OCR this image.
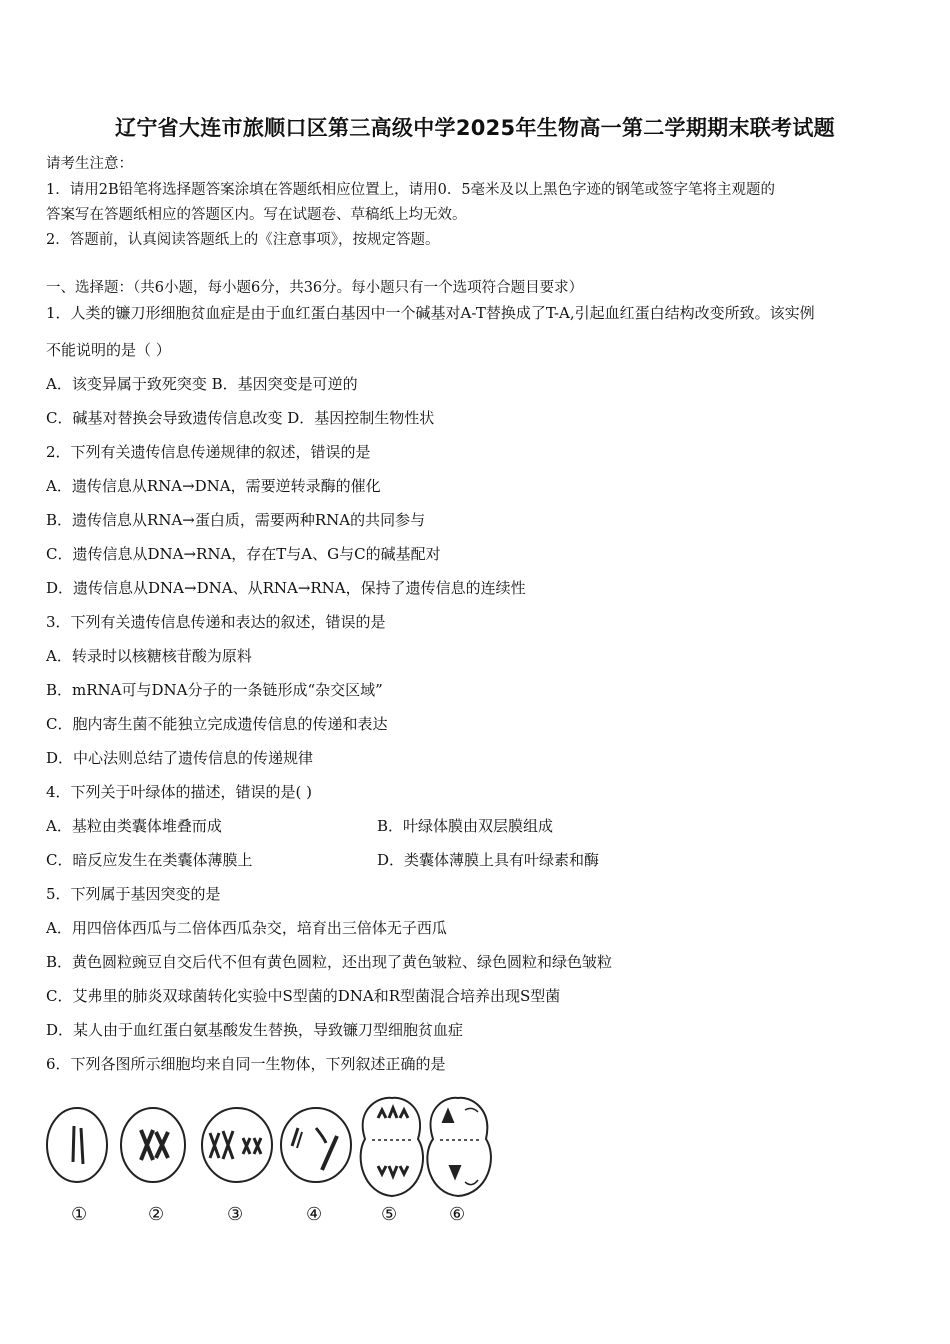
辽宁省大连市旅顺口区第三高级中学2025年生物高一第二学期期末联考试题
请考生注意：
1．请用2B铅笔将选择题答案涂填在答题纸相应位置上，请用0．5毫米及以上黑色字迹的钢笔或签字笔将主观题的
答案写在答题纸相应的答题区内。写在试题卷、草稿纸上均无效。
2．答题前，认真阅读答题纸上的《注意事项》，按规定答题。
一、选择题：（共6小题，每小题6分，共36分。每小题只有一个选项符合题目要求）
1．人类的镰刀形细胞贫血症是由于血红蛋白基因中一个碱基对A-T替换成了T-A,引起血红蛋白结构改变所致。该实例
不能说明的是（ ）
A．该变异属于致死突变 B．基因突变是可逆的
C．碱基对替换会导致遗传信息改变 D．基因控制生物性状
2．下列有关遗传信息传递规律的叙述，错误的是
A．遗传信息从RNA→DNA，需要逆转录酶的催化
B．遗传信息从RNA→蛋白质，需要两种RNA的共同参与
C．遗传信息从DNA→RNA，存在T与A、G与C的碱基配对
D．遗传信息从DNA→DNA、从RNA→RNA，保持了遗传信息的连续性
3．下列有关遗传信息传递和表达的叙述，错误的是
A．转录时以核糖核苷酸为原料
B．mRNA可与DNA分子的一条链形成“杂交区域”
C．胞内寄生菌不能独立完成遗传信息的传递和表达
D．中心法则总结了遗传信息的传递规律
4．下列关于叶绿体的描述，错误的是( )
A．基粒由类囊体堆叠而成	B．叶绿体膜由双层膜组成
C．暗反应发生在类囊体薄膜上	D．类囊体薄膜上具有叶绿素和酶
5．下列属于基因突变的是
A．用四倍体西瓜与二倍体西瓜杂交，培育出三倍体无子西瓜
B．黄色圆粒豌豆自交后代不但有黄色圆粒，还出现了黄色皱粒、绿色圆粒和绿色皱粒
C．艾弗里的肺炎双球菌转化实验中S型菌的DNA和R型菌混合培养出现S型菌
D．某人由于血红蛋白氨基酸发生替换，导致镰刀型细胞贫血症
6．下列各图所示细胞均来自同一生物体，下列叙述正确的是
①	②	③	④	⑤	⑥
